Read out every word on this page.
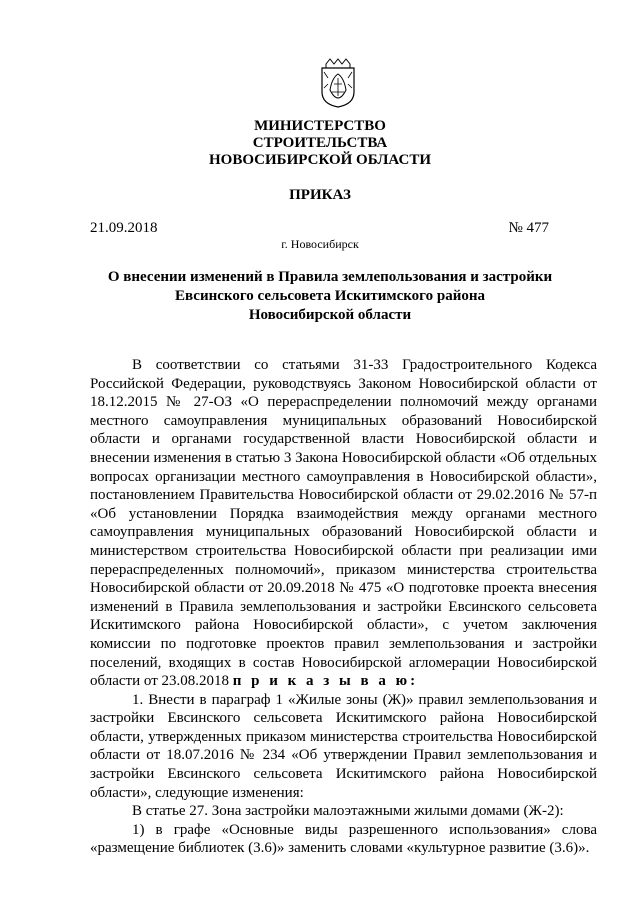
МИНИСТЕРСТВО
СТРОИТЕЛЬСТВА
НОВОСИБИРСКОЙ ОБЛАСТИ
ПРИКАЗ
21.09.2018	№ 477
г. Новосибирск
О внесении изменений в Правила землепользования и застройки
Евсинского сельсовета Искитимского района
Новосибирской области

В соответствии со статьями 31-33 Градостроительного Кодекса Российской Федерации, руководствуясь Законом Новосибирской области от 18.12.2015 № 27-ОЗ «О перераспределении полномочий между органами местного самоуправления муниципальных образований Новосибирской области и органами государственной власти Новосибирской области и внесении изменения в статью 3 Закона Новосибирской области «Об отдельных вопросах организации местного самоуправления в Новосибирской области», постановлением Правительства Новосибирской области от 29.02.2016 № 57-п «Об установлении Порядка взаимодействия между органами местного самоуправления муниципальных образований Новосибирской области и министерством строительства Новосибирской области при реализации ими перераспределенных полномочий», приказом министерства строительства Новосибирской области от 20.09.2018 № 475 «О подготовке проекта внесения изменений в Правила землепользования и застройки Евсинского сельсовета Искитимского района Новосибирской области», с учетом заключения комиссии по подготовке проектов правил землепользования и застройки поселений, входящих в состав Новосибирской агломерации Новосибирской области от 23.08.2018 п р и к а з ы в а ю:

1. Внести в параграф 1 «Жилые зоны (Ж)» правил землепользования и застройки Евсинского сельсовета Искитимского района Новосибирской области, утвержденных приказом министерства строительства Новосибирской области от 18.07.2016 № 234 «Об утверждении Правил землепользования и застройки Евсинского сельсовета Искитимского района Новосибирской области», следующие изменения:

В статье 27. Зона застройки малоэтажными жилыми домами (Ж-2):

1) в графе «Основные виды разрешенного использования» слова «размещение библиотек (3.6)» заменить словами «культурное развитие (3.6)».
